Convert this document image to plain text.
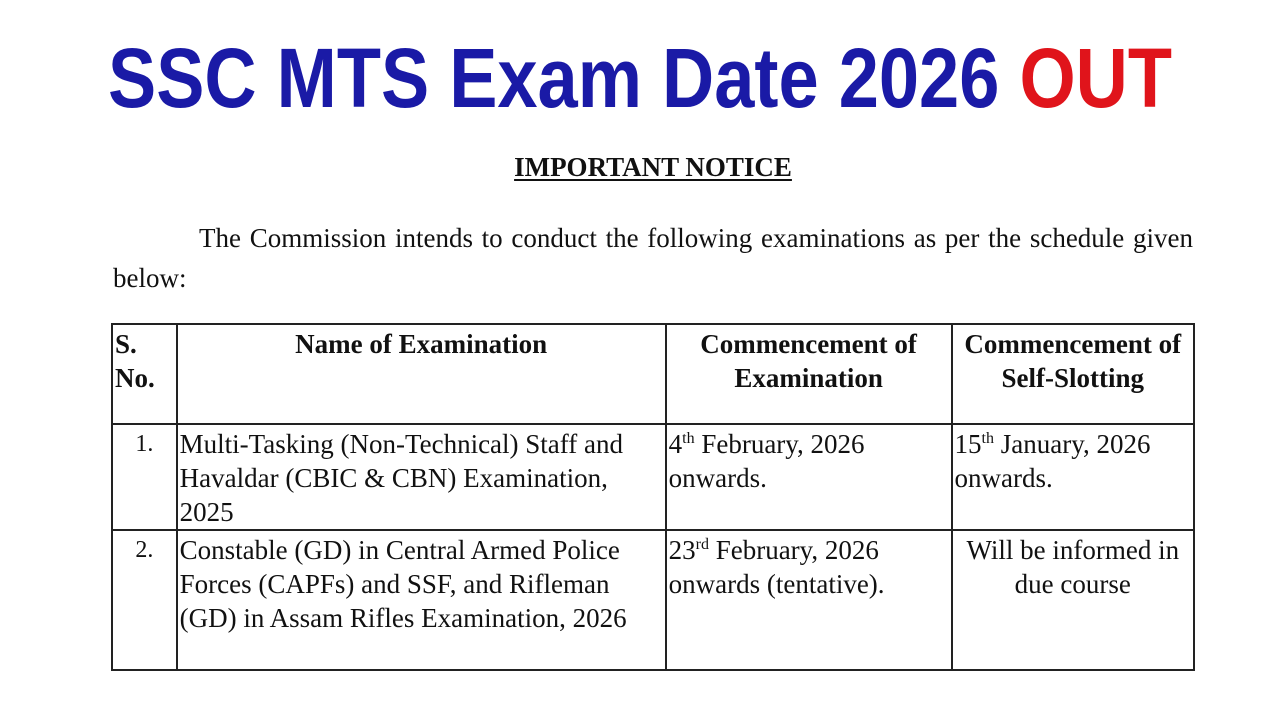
SSC MTS Exam Date 2026 OUT
IMPORTANT NOTICE
The Commission intends to conduct the following examinations as per the schedule given below:
S. No.	Name of Examination	Commencement of Examination	Commencement of Self-Slotting
1.	Multi-Tasking (Non-Technical) Staff and Havaldar (CBIC & CBN) Examination, 2025	4th February, 2026 onwards.	15th January, 2026 onwards.
2.	Constable (GD) in Central Armed Police Forces (CAPFs) and SSF, and Rifleman (GD) in Assam Rifles Examination, 2026	23rd February, 2026 onwards (tentative).	Will be informed in due course
